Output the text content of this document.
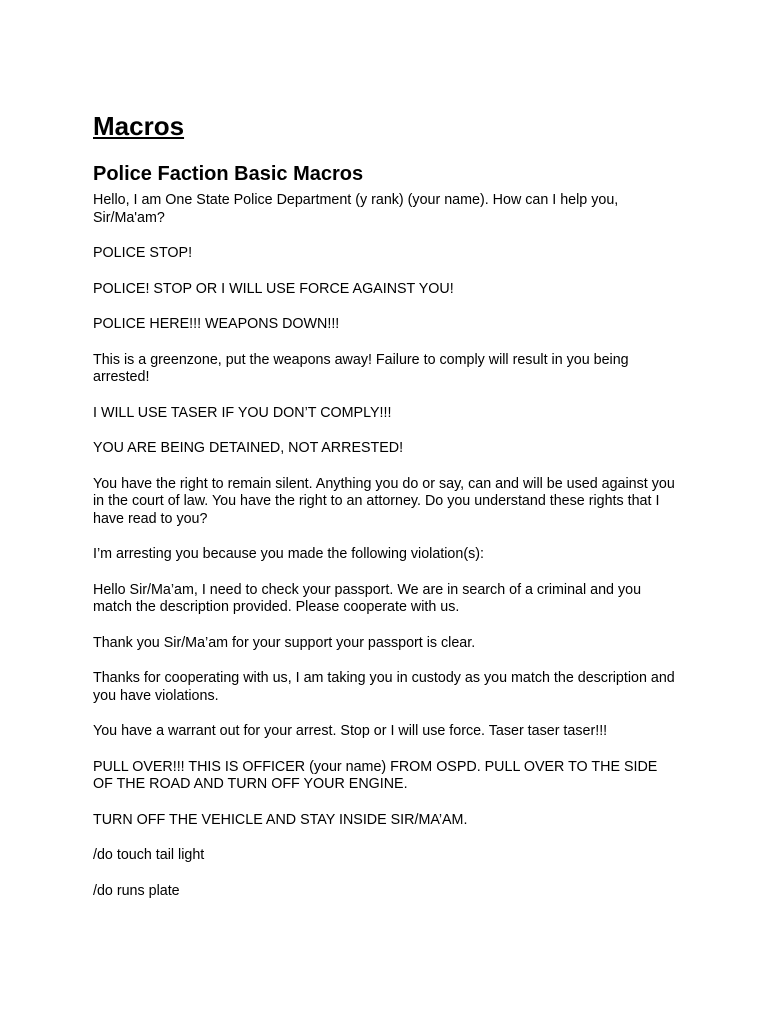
Macros
Police Faction Basic Macros

Hello, I am One State Police Department (y rank) (your name). How can I help you, Sir/Ma'am?

POLICE STOP!

POLICE! STOP OR I WILL USE FORCE AGAINST YOU!

POLICE HERE!!! WEAPONS DOWN!!!

This is a greenzone, put the weapons away! Failure to comply will result in you being arrested!

I WILL USE TASER IF YOU DON’T COMPLY!!!

YOU ARE BEING DETAINED, NOT ARRESTED!

You have the right to remain silent. Anything you do or say, can and will be used against you in the court of law. You have the right to an attorney. Do you understand these rights that I have read to you?

I’m arresting you because you made the following violation(s):

Hello Sir/Ma’am, I need to check your passport. We are in search of a criminal and you match the description provided. Please cooperate with us.

Thank you Sir/Ma’am for your support your passport is clear.

Thanks for cooperating with us, I am taking you in custody as you match the description and you have violations.

You have a warrant out for your arrest. Stop or I will use force. Taser taser taser!!!

PULL OVER!!! THIS IS OFFICER (your name) FROM OSPD. PULL OVER TO THE SIDE OF THE ROAD AND TURN OFF YOUR ENGINE.

TURN OFF THE VEHICLE AND STAY INSIDE SIR/MA’AM.

/do touch tail light

/do runs plate
